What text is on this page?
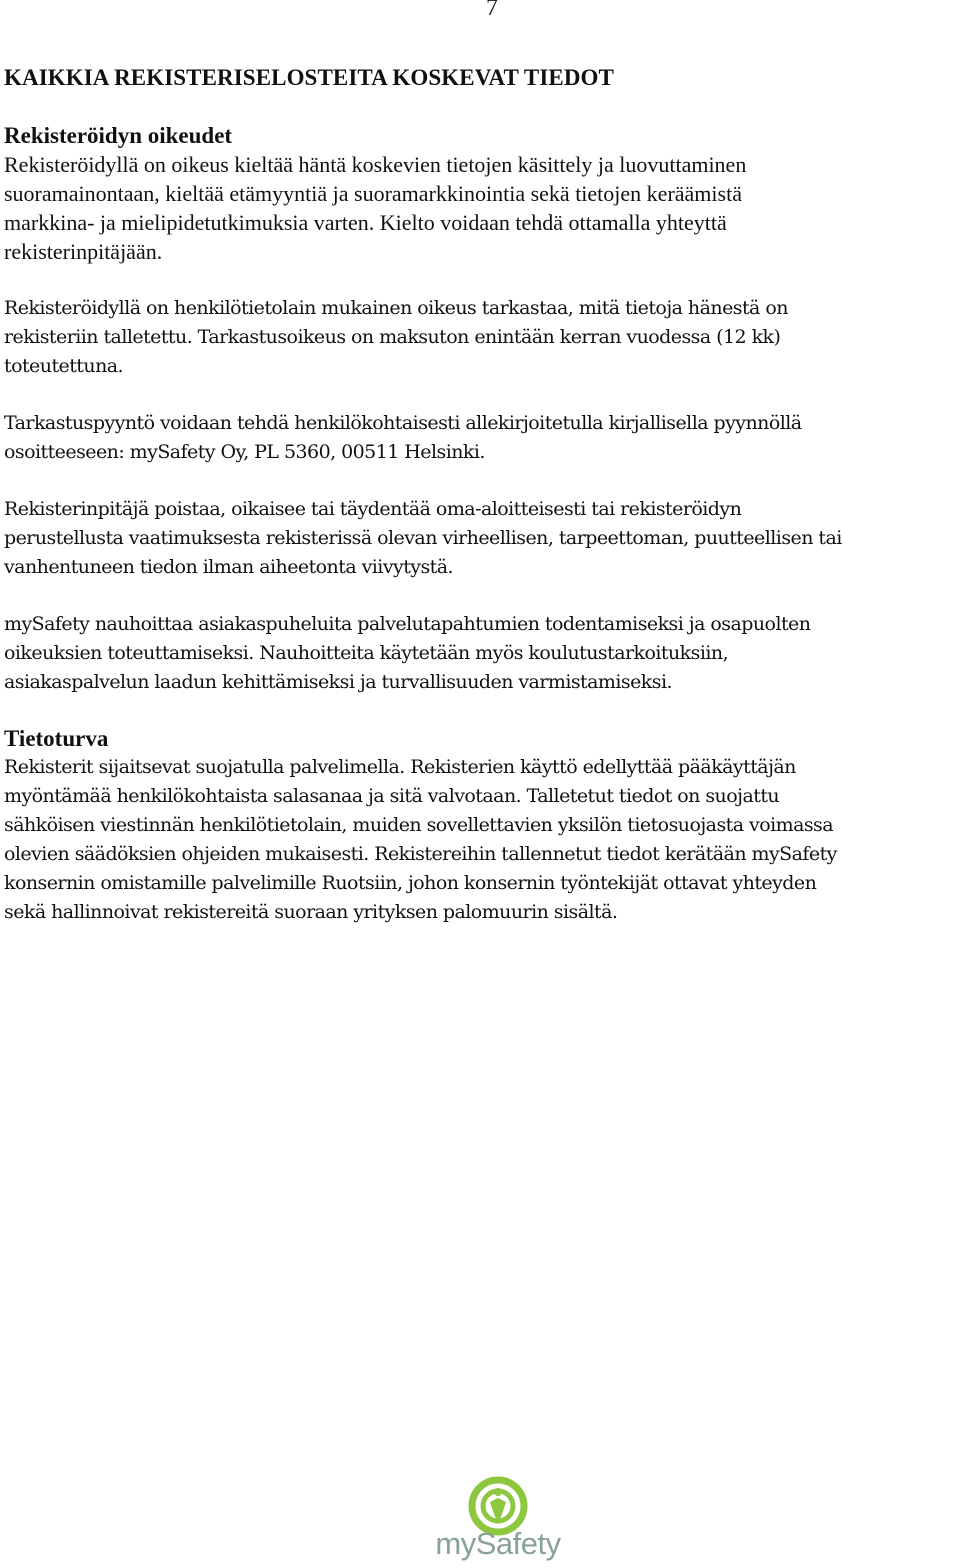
7
KAIKKIA REKISTERISELOSTEITA KOSKEVAT TIEDOT
Rekisteröidyn oikeudet

Rekisteröidyllä on oikeus kieltää häntä koskevien tietojen käsittely ja luovuttaminen
suoramainontaan, kieltää etämyyntiä ja suoramarkkinointia sekä tietojen keräämistä
markkina- ja mielipidetutkimuksia varten. Kielto voidaan tehdä ottamalla yhteyttä
rekisterinpitäjään.

Rekisteröidyllä on henkilötietolain mukainen oikeus tarkastaa, mitä tietoja hänestä on
rekisteriin talletettu. Tarkastusoikeus on maksuton enintään kerran vuodessa (12 kk)
toteutettuna.

Tarkastuspyyntö voidaan tehdä henkilökohtaisesti allekirjoitetulla kirjallisella pyynnöllä
osoitteeseen: mySafety Oy, PL 5360, 00511 Helsinki.

Rekisterinpitäjä poistaa, oikaisee tai täydentää oma-aloitteisesti tai rekisteröidyn
perustellusta vaatimuksesta rekisterissä olevan virheellisen, tarpeettoman, puutteellisen tai
vanhentuneen tiedon ilman aiheetonta viivytystä.

mySafety nauhoittaa asiakaspuheluita palvelutapahtumien todentamiseksi ja osapuolten
oikeuksien toteuttamiseksi. Nauhoitteita käytetään myös koulutustarkoituksiin,
asiakaspalvelun laadun kehittämiseksi ja turvallisuuden varmistamiseksi.

Tietoturva

Rekisterit sijaitsevat suojatulla palvelimella. Rekisterien käyttö edellyttää pääkäyttäjän
myöntämää henkilökohtaista salasanaa ja sitä valvotaan. Talletetut tiedot on suojattu
sähköisen viestinnän henkilötietolain, muiden sovellettavien yksilön tietosuojasta voimassa
olevien säädöksien ohjeiden mukaisesti. Rekistereihin tallennetut tiedot kerätään mySafety
konsernin omistamille palvelimille Ruotsiin, johon konsernin työntekijät ottavat yhteyden
sekä hallinnoivat rekistereitä suoraan yrityksen palomuurin sisältä.

mySafety
